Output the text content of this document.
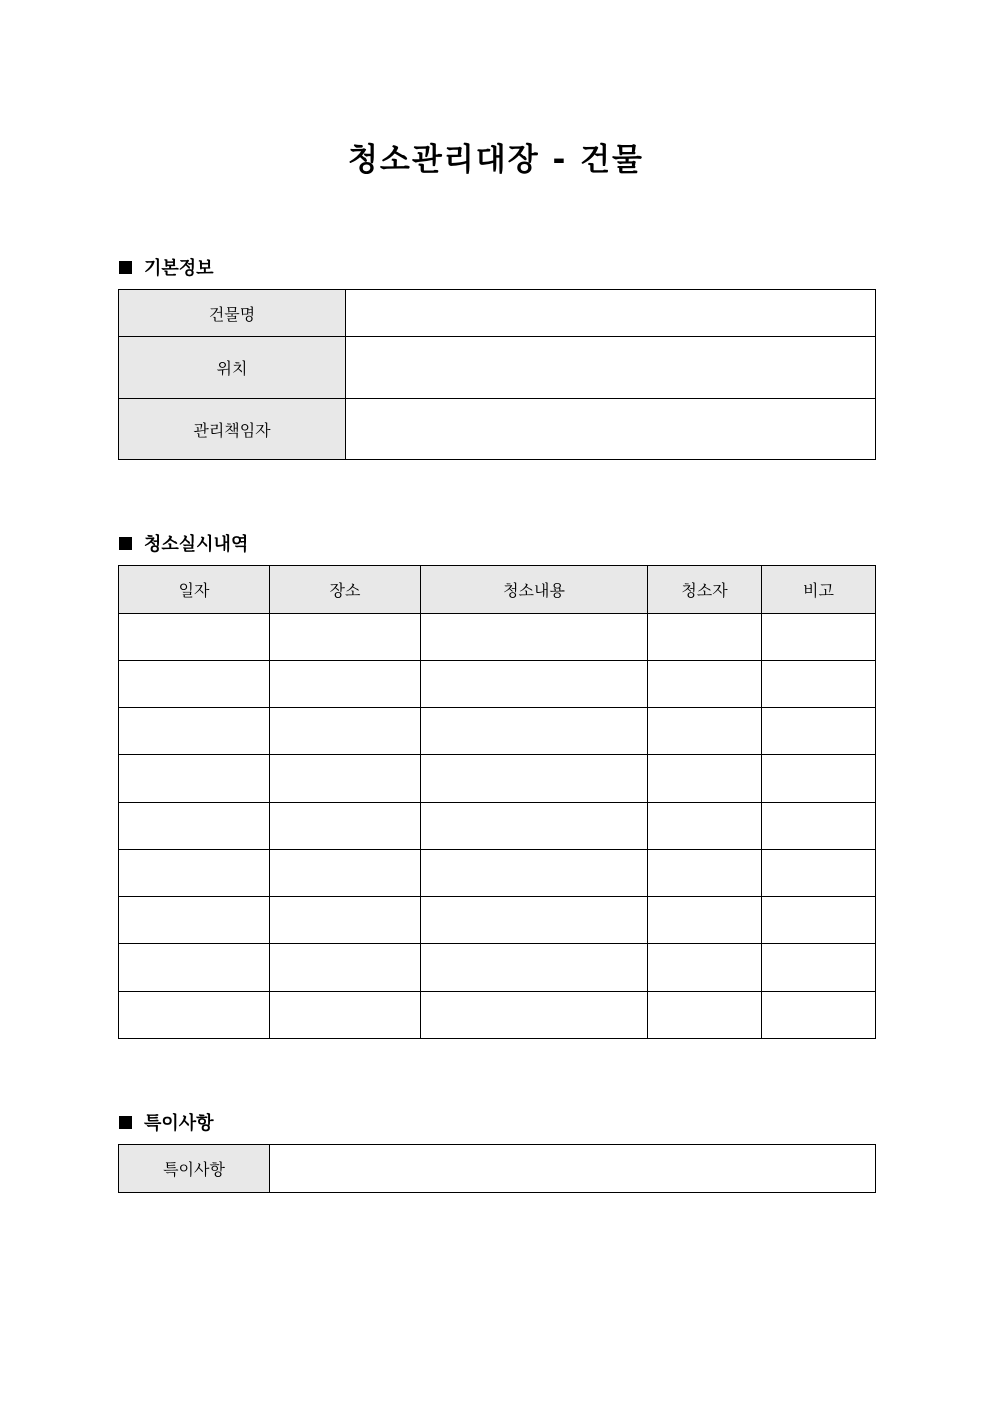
청소관리대장 - 건물
기본정보
건물명	
위치	
관리책임자	
청소실시내역
일자	장소	청소내용	청소자	비고

특이사항
특이사항	
